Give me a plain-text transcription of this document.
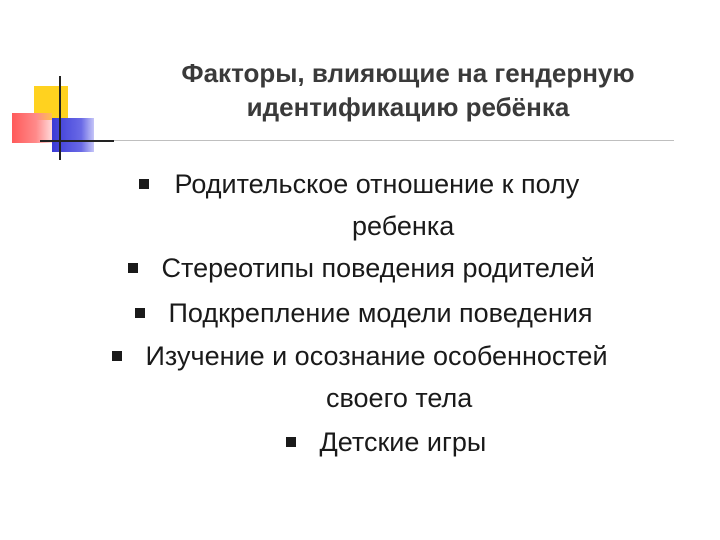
Факторы, влияющие на гендерную
идентификацию ребёнка
Родительское отношение к полу
ребенка
Стереотипы поведения родителей
Подкрепление модели поведения
Изучение и осознание особенностей
своего тела
Детские игры
